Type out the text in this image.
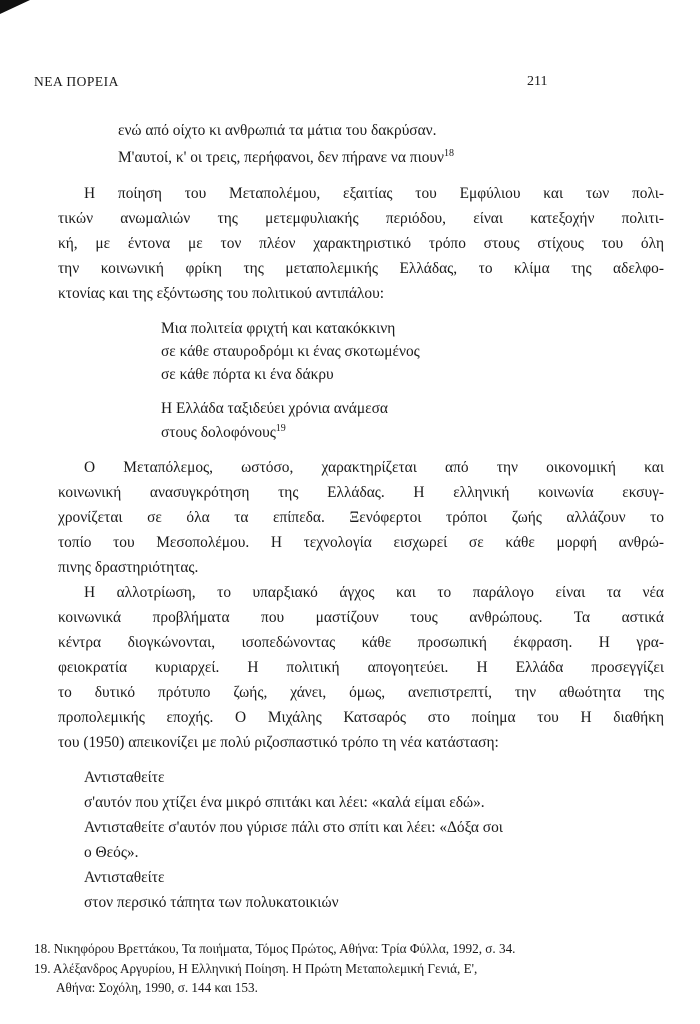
ΝΕΑ ΠΟΡΕΙΑ	211
ενώ από οίχτο κι ανθρωπιά τα μάτια του δακρύσαν.
Μ'αυτοί, κ' οι τρεις, περήφανοι, δεν πήρανε να πιουν$^{18}$
Η ποίηση του Μεταπολέμου, εξαιτίας του Εμφύλιου και των πολι-
τικών ανωμαλιών της μετεμφυλιακής περιόδου, είναι κατεξοχήν πολιτι-
κή, με έντονα με τον πλέον χαρακτηριστικό τρόπο στους στίχους του όλη
την κοινωνική φρίκη της μεταπολεμικής Ελλάδας, το κλίμα της αδελφο-
κτονίας και της εξόντωσης του πολιτικού αντιπάλου:
Μια πολιτεία φριχτή και κατακόκκινη
σε κάθε σταυροδρόμι κι ένας σκοτωμένος
σε κάθε πόρτα κι ένα δάκρυ
Η Ελλάδα ταξιδεύει χρόνια ανάμεσα
στους δολοφόνους$^{19}$
Ο Μεταπόλεμος, ωστόσο, χαρακτηρίζεται από την οικονομική και
κοινωνική ανασυγκρότηση της Ελλάδας. Η ελληνική κοινωνία εκσυγ-
χρονίζεται σε όλα τα επίπεδα. Ξενόφερτοι τρόποι ζωής αλλάζουν το
τοπίο του Μεσοπολέμου. Η τεχνολογία εισχωρεί σε κάθε μορφή ανθρώ-
πινης δραστηριότητας.
Η αλλοτρίωση, το υπαρξιακό άγχος και το παράλογο είναι τα νέα
κοινωνικά προβλήματα που μαστίζουν τους ανθρώπους. Τα αστικά
κέντρα διογκώνονται, ισοπεδώνοντας κάθε προσωπική έκφραση. Η γρα-
φειοκρατία κυριαρχεί. Η πολιτική απογοητεύει. Η Ελλάδα προσεγγίζει
το δυτικό πρότυπο ζωής, χάνει, όμως, ανεπιστρεπτί, την αθωότητα της
προπολεμικής εποχής. Ο Μιχάλης Κατσαρός στο ποίημα του Η διαθήκη
του (1950) απεικονίζει με πολύ ριζοσπαστικό τρόπο τη νέα κατάσταση:
Αντισταθείτε
σ'αυτόν που χτίζει ένα μικρό σπιτάκι και λέει: «καλά είμαι εδώ».
Αντισταθείτε σ'αυτόν που γύρισε πάλι στο σπίτι και λέει: «Δόξα σοι
ο Θεός».
Αντισταθείτε
στον περσικό τάπητα των πολυκατοικιών
18. Νικηφόρου Βρεττάκου, Τα ποιήματα, Τόμος Πρώτος, Αθήνα: Τρία Φύλλα, 1992, σ. 34.
19. Αλέξανδρος Αργυρίου, Η Ελληνική Ποίηση. Η Πρώτη Μεταπολεμική Γενιά, Ε',
Αθήνα: Σοχόλη, 1990, σ. 144 και 153.
